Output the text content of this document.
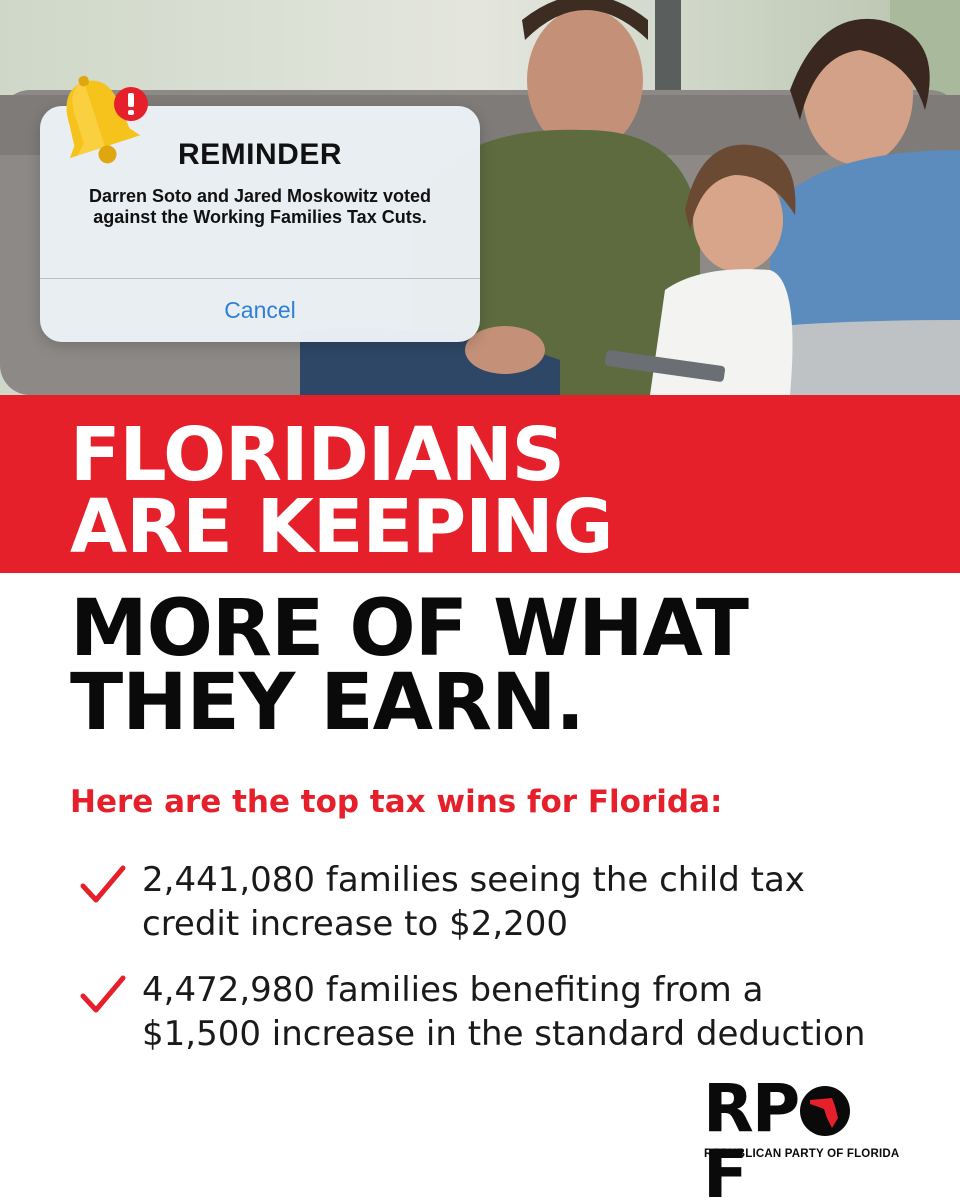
REMINDER
Darren Soto and Jared Moskowitz voted against the Working Families Tax Cuts.
Cancel
FLORIDIANS
ARE KEEPING
MORE OF WHAT
THEY EARN.

Here are the top tax wins for Florida:

2,441,080 families seeing the child tax credit increase to $2,200
4,472,980 families benefiting from a $1,500 increase in the standard deduction
RPF
REPUBLICAN PARTY OF FLORIDA
